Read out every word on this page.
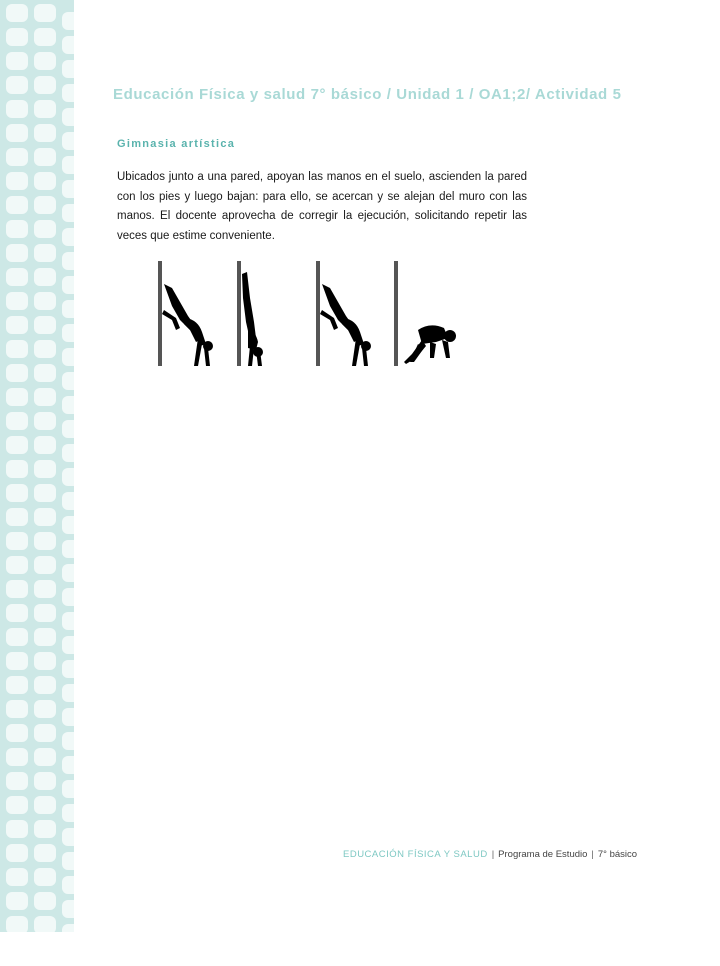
Educación Física y salud 7° básico / Unidad 1 / OA1;2/ Actividad 5
Gimnasia artística

Ubicados junto a una pared, apoyan las manos en el suelo, ascienden la pared con los pies y luego bajan: para ello, se acercan y se alejan del muro con las manos. El docente aprovecha de corregir la ejecución, solicitando repetir las veces que estime conveniente.

EDUCACIÓN FÍSICA Y SALUD | Programa de Estudio | 7° básico
